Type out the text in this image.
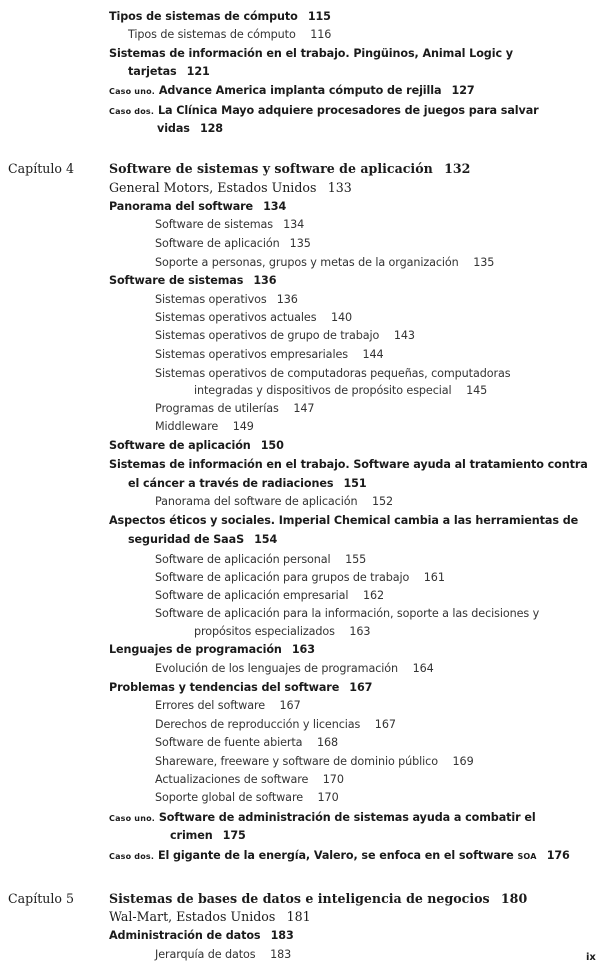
Capítulo 4
Capítulo 5
Tipos de sistemas de cómputo 115
Tipos de sistemas de cómputo 116
Sistemas de información en el trabajo. Pingüinos, Animal Logic y
tarjetas 121
Caso uno. Advance America implanta cómputo de rejilla 127
Caso dos. La Clínica Mayo adquiere procesadores de juegos para salvar
vidas 128
Software de sistemas y software de aplicación 132
General Motors, Estados Unidos 133
Panorama del software 134
Software de sistemas 134
Software de aplicación 135
Soporte a personas, grupos y metas de la organización 135
Software de sistemas 136
Sistemas operativos 136
Sistemas operativos actuales 140
Sistemas operativos de grupo de trabajo 143
Sistemas operativos empresariales 144
Sistemas operativos de computadoras pequeñas, computadoras
integradas y dispositivos de propósito especial 145
Programas de utilerías 147
Middleware 149
Software de aplicación 150
Sistemas de información en el trabajo. Software ayuda al tratamiento contra
el cáncer a través de radiaciones 151
Panorama del software de aplicación 152
Aspectos éticos y sociales. Imperial Chemical cambia a las herramientas de
seguridad de SaaS 154
Software de aplicación personal 155
Software de aplicación para grupos de trabajo 161
Software de aplicación empresarial 162
Software de aplicación para la información, soporte a las decisiones y
propósitos especializados 163
Lenguajes de programación 163
Evolución de los lenguajes de programación 164
Problemas y tendencias del software 167
Errores del software 167
Derechos de reproducción y licencias 167
Software de fuente abierta 168
Shareware, freeware y software de dominio público 169
Actualizaciones de software 170
Soporte global de software 170
Caso uno. Software de administración de sistemas ayuda a combatir el
crimen 175
Caso dos. El gigante de la energía, Valero, se enfoca en el software SOA 176
Sistemas de bases de datos e inteligencia de negocios 180
Wal-Mart, Estados Unidos 181
Administración de datos 183
Jerarquía de datos 183	ix
